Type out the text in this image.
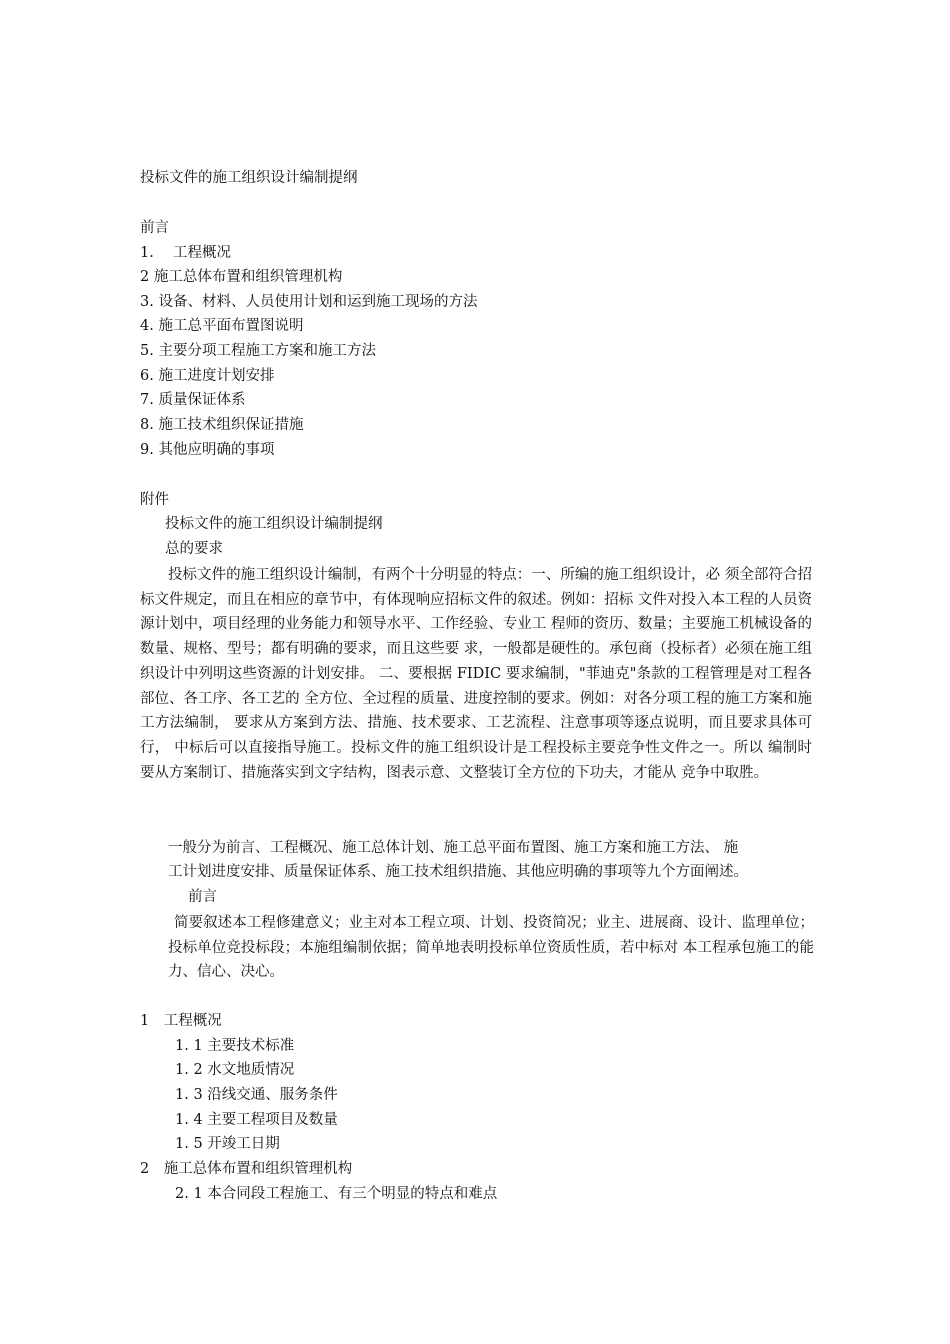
投标文件的施工组织设计编制提纲
前言
1.　 工程概况
2 施工总体布置和组织管理机构
3. 设备、材料、人员使用计划和运到施工现场的方法
4. 施工总平面布置图说明
5. 主要分项工程施工方案和施工方法
6. 施工进度计划安排
7. 质量保证体系
8. 施工技术组织保证措施
9. 其他应明确的事项
附件
投标文件的施工组织设计编制提纲
总的要求
投标文件的施工组织设计编制，有两个十分明显的特点：一、所编的施工组织设计，必 须全部符合招标文件规定，而且在相应的章节中，有体现响应招标文件的叙述。例如：招标 文件对投入本工程的人员资源计划中，项目经理的业务能力和领导水平、工作经验、专业工 程师的资历、数量；主要施工机械设备的数量、规格、型号；都有明确的要求，而且这些要 求，一般都是硬性的。承包商（投标者）必须在施工组织设计中列明这些资源的计划安排。 二、要根据 FIDIC 要求编制，"菲迪克"条款的工程管理是对工程各部位、各工序、各工艺的 全方位、全过程的质量、进度控制的要求。例如：对各分项工程的施工方案和施工方法编制， 要求从方案到方法、措施、技术要求、工艺流程、注意事项等逐点说明，而且要求具体可行， 中标后可以直接指导施工。投标文件的施工组织设计是工程投标主要竞争性文件之一。所以 编制时要从方案制订、措施落实到文字结构，图表示意、文整装订全方位的下功夫，才能从 竞争中取胜。
一般分为前言、工程概况、施工总体计划、施工总平面布置图、施工方案和施工方法、 施
工计划进度安排、质量保证体系、施工技术组织措施、其他应明确的事项等九个方面阐述。
前言
简要叙述本工程修建意义；业主对本工程立项、计划、投资简况；业主、进展商、设计、监理单位；投标单位竞投标段；本施组编制依据；简单地表明投标单位资质性质，若中标对 本工程承包施工的能力、信心、决心。
1　工程概况
1. 1 主要技术标准
1. 2 水文地质情况
1. 3 沿线交通、服务条件
1. 4 主要工程项目及数量
1. 5 开竣工日期
2　施工总体布置和组织管理机构
2. 1 本合同段工程施工、有三个明显的特点和难点
